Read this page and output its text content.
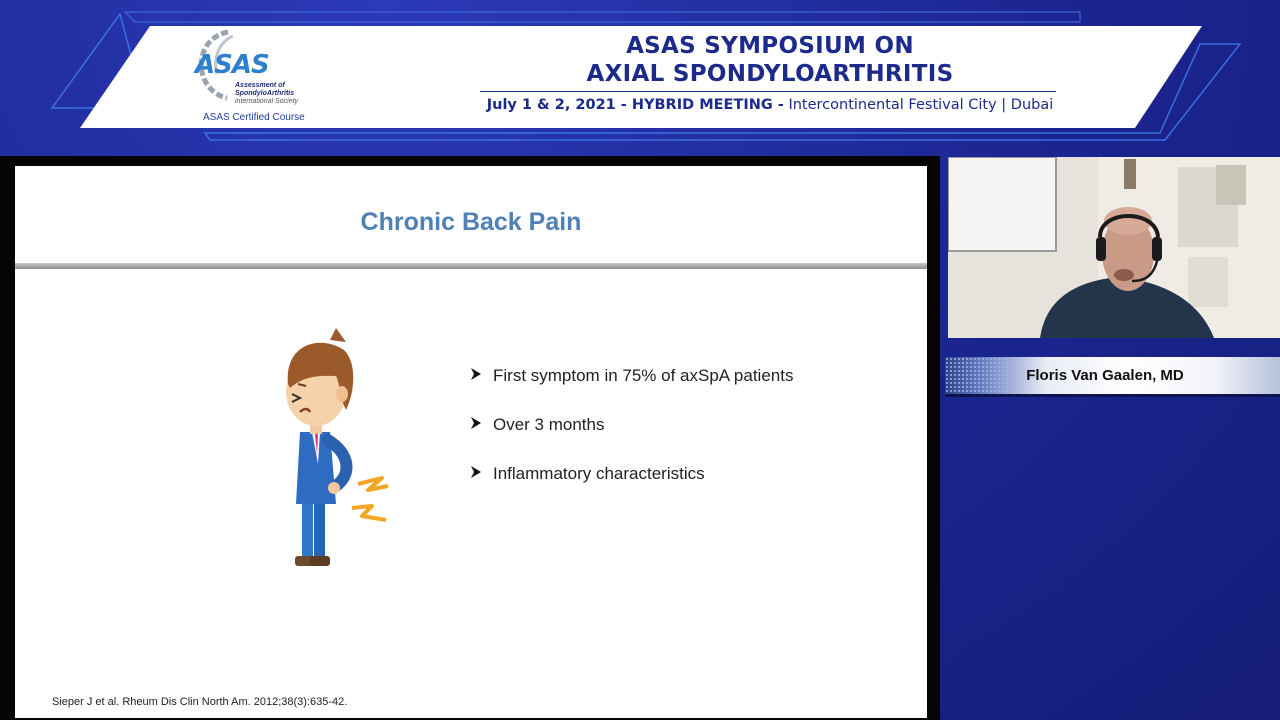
ASAS
Assessment of SpondyloArthritis
international Society
ASAS Certified Course
ASAS SYMPOSIUM ON
AXIAL SPONDYLOARTHRITIS
July 1 & 2, 2021 - HYBRID MEETING - Intercontinental Festival City | Dubai
Chronic Back Pain
First symptom in 75% of axSpA patients
Over 3 months
Inflammatory characteristics
Sieper J et al. Rheum Dis Clin North Am. 2012;38(3):635-42.
Floris Van Gaalen, MD
